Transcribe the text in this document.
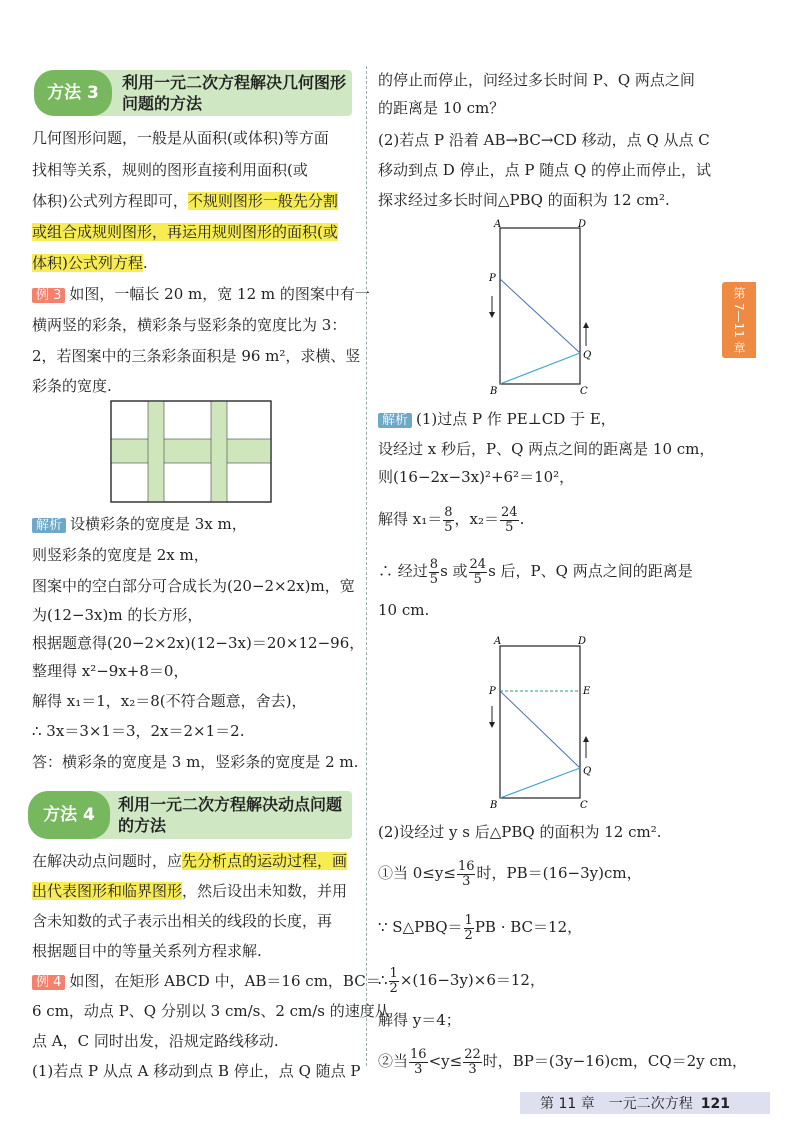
方法 3
利用一元二次方程解决几何图形
问题的方法
几何图形问题，一般是从面积(或体积)等方面
找相等关系，规则的图形直接利用面积(或
体积)公式列方程即可，不规则图形一般先分割
或组合成规则图形，再运用规则图形的面积(或
体积)公式列方程.
例 3 如图，一幅长 20 m，宽 12 m 的图案中有一
横两竖的彩条，横彩条与竖彩条的宽度比为 3：
2，若图案中的三条彩条面积是 96 m²，求横、竖
彩条的宽度.
解析 设横彩条的宽度是 3x m，
则竖彩条的宽度是 2x m，
图案中的空白部分可合成长为(20−2×2x)m，宽
为(12−3x)m 的长方形，
根据题意得(20−2×2x)(12−3x)＝20×12−96，
整理得 x²−9x+8＝0，
解得 x₁＝1，x₂＝8(不符合题意，舍去)，
∴ 3x＝3×1＝3，2x＝2×1＝2.
答：横彩条的宽度是 3 m，竖彩条的宽度是 2 m.
方法 4
利用一元二次方程解决动点问题
的方法
在解决动点问题时，应先分析点的运动过程，画
出代表图形和临界图形，然后设出未知数，并用
含未知数的式子表示出相关的线段的长度，再
根据题目中的等量关系列方程求解.
例 4 如图，在矩形 ABCD 中，AB＝16 cm，BC＝
6 cm，动点 P、Q 分别以 3 cm/s、2 cm/s 的速度从
点 A，C 同时出发，沿规定路线移动.
(1)若点 P 从点 A 移动到点 B 停止，点 Q 随点 P
的停止而停止，问经过多长时间 P、Q 两点之间
的距离是 10 cm？
(2)若点 P 沿着 AB→BC→CD 移动，点 Q 从点 C
移动到点 D 停止，点 P 随点 Q 的停止而停止，试
探求经过多长时间△PBQ 的面积为 12 cm².
A	D
P
Q
B	C
解析 (1)过点 P 作 PE⊥CD 于 E，
设经过 x 秒后，P、Q 两点之间的距离是 10 cm，
则(16−2x−3x)²+6²＝10²，
解得 $x_1= \frac{8}{5}$ ，$x_2= \frac{24}{5}$ .
∴ 经过 $\frac{8}{5}$ s 或 $\frac{24}{5}$ s 后，P、Q 两点之间的距离是
10 cm.
A	D
P	E
Q
B	C
(2)设经过 y s 后△PBQ 的面积为 12 cm².
①当 $0\le y\le \frac{16}{3}$ 时，PB＝(16−3y)cm，
∵ S△PBQ＝ $\frac{1}{2}$ PB · BC＝12，
∴ $\frac{1}{2} \times(16-3y)\times 6=12$，
解得 y＝4；
②当 $\frac{16}{3} <y\le \frac{22}{3}$ 时，BP＝(3y−16)cm，CQ＝2y cm，
第 7—11 章
第 11 章　一元二次方程 121
